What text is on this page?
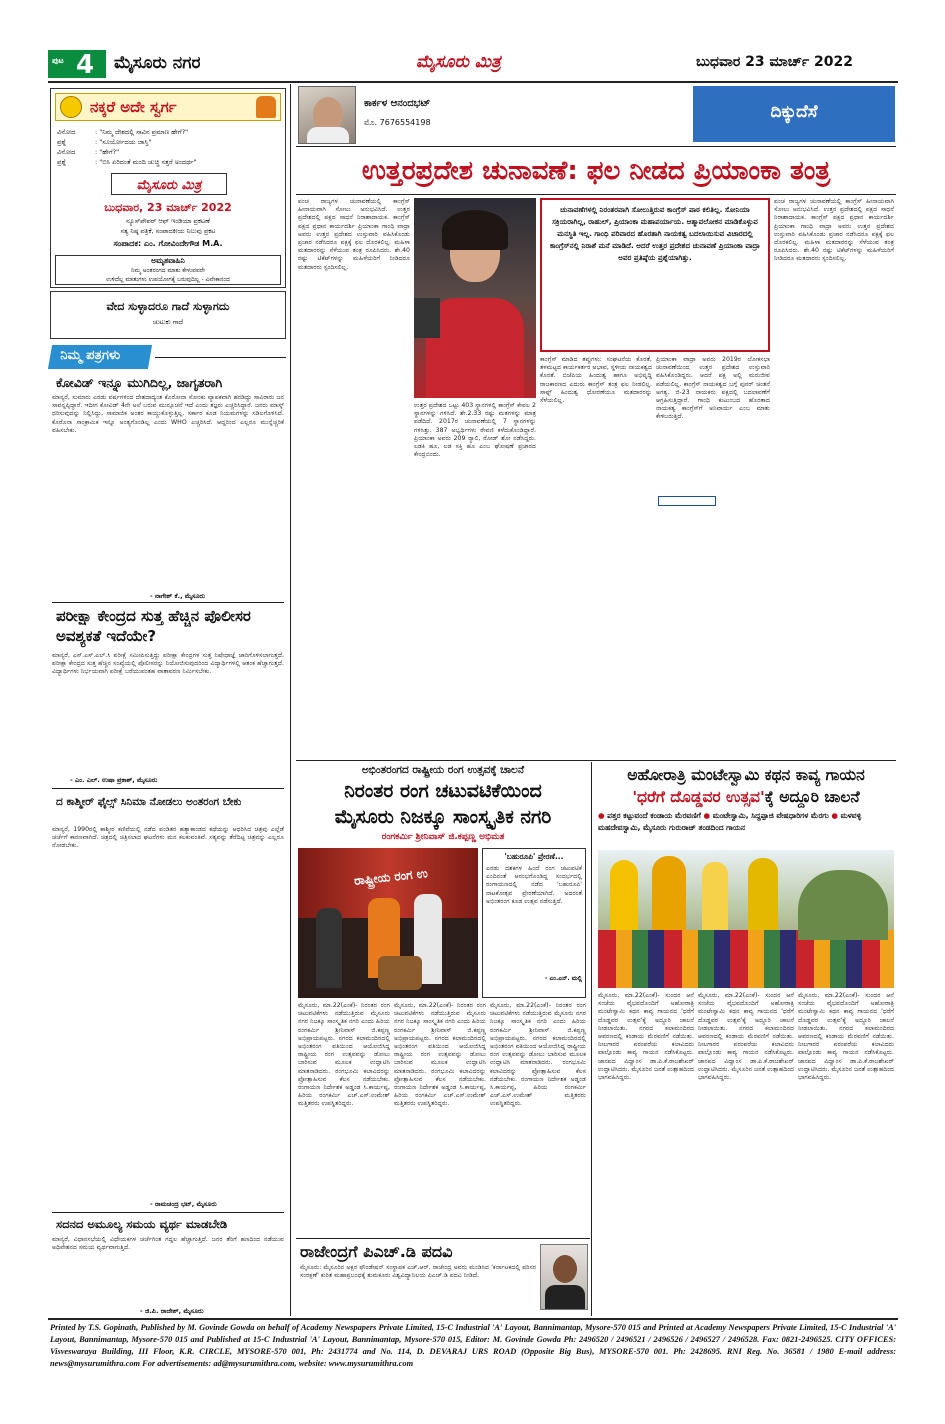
ಪುಟ 4 ಮೈಸೂರು ನಗರ	ಮೈಸೂರು ಮಿತ್ರ	ಬುಧವಾರ 23 ಮಾರ್ಚ್ 2022
ನಕ್ಕರೆ ಅದೇ ಸ್ವರ್ಗ
ವಿನೋದ	: "ನಿಮ್ಮ ದೇಶದಲ್ಲಿ ಸಾವಿನ ಪ್ರಮಾಣ ಹೇಗೆ?"
ಪ್ರಶ್ನೆ	: "ಸೂರ್ಯೋದಯ ಜಾಸ್ತಿ"
ವಿನೋದ	: "ಹೇಗೆ?"
ಪ್ರಶ್ನೆ	: "ಬಿಸಿ ಏರಿದಂತೆ ಮಂದಿ ಚುಚ್ಚಿ ಸತ್ತರೆ ಅಂದರ್ಥ"
ಮೈಸೂರು ಮಿತ್ರ
ಬುಧವಾರ, 23 ಮಾರ್ಚ್ 2022
ನ್ಯೂಸ್‌ಪೇಪರ್ ಆಫ್ ಇಂಡಿಯಾ ಪ್ರಕಟಣೆ
ಸತ್ಯ ನಿಷ್ಠ ಪತ್ರಿಕೆ, ಸಂಪಾದಕೀಯ ನಿಲುವು ಪ್ರಕಟ
ಸಂಪಾದಕ: ಎಂ. ಗೋವಿಂದೇಗೌಡ M.A.
ಅಮೃತವಾಹಿನಿ
ನಿಮ್ಮ ಅಂತರಂಗದ ಮಾತು ಕೇಳುವವರೇ
ಉಳಿದೆಲ್ಲ ಮಾತುಗಳು ಉಪಯೋಗಕ್ಕೆ ಬರುವುದಿಲ್ಲ - ವಿವೇಕಾನಂದ
ವೇದ ಸುಳ್ಳಾದರೂ ಗಾದೆ ಸುಳ್ಳಾಗದು
ಚುಟುಕು ಗಾದೆ
ನಿಮ್ಮ ಪತ್ರಗಳು
ಕೋವಿಡ್ ಇನ್ನೂ ಮುಗಿದಿಲ್ಲ, ಜಾಗೃತರಾಗಿ
ಮಾನ್ಯರೆ, ಸುಮಾರು ಎರಡು ವರ್ಷಗಳಿಂದ ದೇಶದಾದ್ಯಂತ ಕೊರೋನಾ ಸೋಂಕು ವ್ಯಾಪಕವಾಗಿ ಹರಡಿದ್ದು ಸಾವಿರಾರು ಜನ ಸಾವನ್ನಪ್ಪಿದ್ದಾರೆ. ಇದೀಗ ಕೋವಿಡ್ 4ನೇ ಅಲೆ ಬರುವ ಮುನ್ಸೂಚನೆ ಇದೆ ಎಂದು ತಜ್ಞರು ಎಚ್ಚರಿಸಿದ್ದಾರೆ. ಜನರು ಮಾಸ್ಕ್ ಧರಿಸುವುದನ್ನು ನಿಲ್ಲಿಸಿದ್ದು, ಸಾಮಾಜಿಕ ಅಂತರ ಕಾಯ್ದುಕೊಳ್ಳುತ್ತಿಲ್ಲ. ಸರ್ಕಾರ ಕೂಡ ನಿಯಮಗಳನ್ನು ಸಡಿಲಗೊಳಿಸಿದೆ. ಕೊರೊನಾ ಸಾಂಕ್ರಾಮಿಕ ಇನ್ನೂ ಅಂತ್ಯಗೊಂಡಿಲ್ಲ ಎಂದು WHO ಎಚ್ಚರಿಸಿದೆ. ಆದ್ದರಿಂದ ಎಲ್ಲರೂ ಮುನ್ನೆಚ್ಚರಿಕೆ ವಹಿಸಬೇಕು.
- ನಾಗೇಶ್ ಕೆ., ಮೈಸೂರು
ಪರೀಕ್ಷಾ ಕೇಂದ್ರದ ಸುತ್ತ ಹೆಚ್ಚಿನ ಪೊಲೀಸರ ಅವಶ್ಯಕತೆ ಇದೆಯೇ?
ಮಾನ್ಯರೆ, ಎಸ್.ಎಸ್.ಎಲ್.ಸಿ ಪರೀಕ್ಷೆ ಸಮೀಪಿಸುತ್ತಿದ್ದು ಪರೀಕ್ಷಾ ಕೇಂದ್ರಗಳ ಸುತ್ತ ನಿಷೇಧಾಜ್ಞೆ ಜಾರಿಗೊಳಿಸಲಾಗುತ್ತದೆ. ಪರೀಕ್ಷಾ ಕೇಂದ್ರದ ಸುತ್ತ ಹೆಚ್ಚಿನ ಸಂಖ್ಯೆಯಲ್ಲಿ ಪೊಲೀಸರನ್ನು ನಿಯೋಜಿಸುವುದರಿಂದ ವಿದ್ಯಾರ್ಥಿಗಳಲ್ಲಿ ಆತಂಕ ಹೆಚ್ಚಾಗುತ್ತದೆ. ವಿದ್ಯಾರ್ಥಿಗಳು ನಿರ್ಭಯವಾಗಿ ಪರೀಕ್ಷೆ ಬರೆಯುವಂತಹ ವಾತಾವರಣ ನಿರ್ಮಿಸಬೇಕು.
- ಎಂ. ಎಲ್. ಉಷಾ ಪ್ರಕಾಶ್, ಮೈಸೂರು
ದ ಕಾಶ್ಮೀರ್ ಫೈಲ್ಸ್ ಸಿನಿಮಾ ನೋಡಲು ಅಂತರಂಗ ಬೇಕು
ಮಾನ್ಯರೆ, 1990ರಲ್ಲಿ ಕಾಶ್ಮೀರ ಕಣಿವೆಯಲ್ಲಿ ನಡೆದ ಪಂಡಿತರ ಹತ್ಯಾಕಾಂಡದ ಕಥೆಯನ್ನು ಆಧರಿಸಿದ ಚಿತ್ರವು ಎಲ್ಲೆಡೆ ಚರ್ಚೆಗೆ ಕಾರಣವಾಗಿದೆ. ಚಿತ್ರದಲ್ಲಿ ಚಿತ್ರಿಸಲಾದ ಘಟನೆಗಳು ಮನ ಕಲಕುವಂತಿವೆ. ಸತ್ಯವನ್ನು ತೆರೆದಿಟ್ಟ ಚಿತ್ರವನ್ನು ಎಲ್ಲರೂ ನೋಡಬೇಕು.
- ರಾಮಚಂದ್ರ ಭಟ್, ಮೈಸೂರು
ಸದನದ ಅಮೂಲ್ಯ ಸಮಯ ವ್ಯರ್ಥ ಮಾಡಬೇಡಿ
ಮಾನ್ಯರೆ, ವಿಧಾನಸಭೆಯಲ್ಲಿ ವಿಧೇಯಕಗಳ ಚರ್ಚೆಗಿಂತ ಗದ್ದಲ ಹೆಚ್ಚಾಗುತ್ತಿದೆ. ಜನರ ತೆರಿಗೆ ಹಣದಿಂದ ನಡೆಯುವ ಅಧಿವೇಶನದ ಸಮಯ ವ್ಯರ್ಥವಾಗುತ್ತಿದೆ.
- ಜಿ.ಪಿ. ರಾಜೇಶ್, ಮೈಸೂರು
ಕಾರ್ಕಳ ಆನಂದಭಟ್
ಮೊ. 7676554198
ದಿಕ್ಕುದೆಸೆ
ಉತ್ತರಪ್ರದೇಶ ಚುನಾವಣೆ: ಫಲ ನೀಡದ ಪ್ರಿಯಾಂಕಾ ತಂತ್ರ
ಪಂಚ ರಾಜ್ಯಗಳ ಚುನಾವಣೆಯಲ್ಲಿ ಕಾಂಗ್ರೆಸ್ ಹೀನಾಯವಾಗಿ ಸೋಲು ಅನುಭವಿಸಿದೆ. ಉತ್ತರ ಪ್ರದೇಶದಲ್ಲಿ ಪಕ್ಷದ ಸಾಧನೆ ನಿರಾಶಾದಾಯಕ. ಕಾಂಗ್ರೆಸ್ ಪಕ್ಷದ ಪ್ರಧಾನ ಕಾರ್ಯದರ್ಶಿ ಪ್ರಿಯಾಂಕಾ ಗಾಂಧಿ ವಾದ್ರಾ ಅವರು ಉತ್ತರ ಪ್ರದೇಶದ ಉಸ್ತುವಾರಿ ವಹಿಸಿಕೊಂಡು ಪ್ರಚಾರ ನಡೆಸಿದರೂ ಪಕ್ಷಕ್ಕೆ ಫಲ ದೊರಕಲಿಲ್ಲ. ಮಹಿಳಾ ಮತದಾರರನ್ನು ಸೆಳೆಯುವ ತಂತ್ರ ರೂಪಿಸಿದರು. ಶೇ.40 ರಷ್ಟು ಟಿಕೆಟ್‌ಗಳನ್ನು ಮಹಿಳೆಯರಿಗೆ ನೀಡಿದರೂ ಮತದಾರರು ಸ್ಪಂದಿಸಲಿಲ್ಲ.
ಉತ್ತರ ಪ್ರದೇಶದ ಒಟ್ಟು 403 ಸ್ಥಾನಗಳಲ್ಲಿ ಕಾಂಗ್ರೆಸ್ ಕೇವಲ 2 ಸ್ಥಾನಗಳನ್ನು ಗಳಿಸಿದೆ. ಶೇ.2.33 ರಷ್ಟು ಮತಗಳನ್ನು ಮಾತ್ರ ಪಡೆದಿದೆ. 2017ರ ಚುನಾವಣೆಯಲ್ಲಿ 7 ಸ್ಥಾನಗಳನ್ನು ಗಳಿಸಿತ್ತು. 387 ಅಭ್ಯರ್ಥಿಗಳು ಠೇವಣಿ ಕಳೆದುಕೊಂಡಿದ್ದಾರೆ. ಪ್ರಿಯಾಂಕಾ ಅವರು 209 ರ್‍ಯಾಲಿ, ರೋಡ್ ಶೋ ನಡೆಸಿದ್ದರು. ಲಡಕಿ ಹೂ, ಲಡ ಸಕ್ತಿ ಹೂ ಎಂಬ ಘೋಷಣೆ ಪ್ರಚಾರದ ಕೇಂದ್ರಬಿಂದು.
ಚುನಾವಣೆಗಳಲ್ಲಿ ನಿರಂತರವಾಗಿ ಸೋಲುತ್ತಿರುವ ಕಾಂಗ್ರೆಸ್ ಪಾಠ ಕಲಿತಿಲ್ಲ. ಸೋನಿಯಾ ಸಕ್ರಿಯರಾಗಿಲ್ಲ, ರಾಹುಲ್, ಪ್ರಿಯಾಂಕಾ ಮಹಾಪರ್ಯಾಯ. ಆತ್ಮಾವಲೋಕನ ಮಾಡಿಕೊಳ್ಳುವ ಮನಸ್ಥಿತಿ ಇಲ್ಲ. ಗಾಂಧಿ ಪರಿವಾರದ ಹೊರತಾಗಿ ನಾಯಕತ್ವ ಬದಲಾಯಿಸುವ ವಿಚಾರದಲ್ಲಿ ಕಾಂಗ್ರೆಸ್‌ನಲ್ಲಿ ನಿರಾಶೆ ಮನೆ ಮಾಡಿದೆ. ಆದರೆ ಉತ್ತರ ಪ್ರದೇಶದ ಚುನಾವಣೆ ಪ್ರಿಯಾಂಕಾ ವಾದ್ರಾ ಅವರ ಪ್ರತಿಷ್ಠೆಯ ಪ್ರಶ್ನೆಯಾಗಿತ್ತು.
ಕಾಂಗ್ರೆಸ್ ಮಾಡಿದ ತಪ್ಪುಗಳು: ಸಂಘಟನೆಯ ಕೊರತೆ, ತಳಮಟ್ಟದ ಕಾರ್ಯಕರ್ತರ ಅಭಾವ, ಸ್ಥಳೀಯ ನಾಯಕತ್ವದ ಕೊರತೆ. ಬಿಜೆಪಿಯ ಹಿಂದುತ್ವ ಹಾಗೂ ಅಭಿವೃದ್ಧಿ ರಾಜಕಾರಣದ ಎದುರು ಕಾಂಗ್ರೆಸ್ ತಂತ್ರ ಫಲ ನೀಡಲಿಲ್ಲ. ಸಾಫ್ಟ್ ಹಿಂದುತ್ವ ಧೋರಣೆಯೂ ಮತದಾರರನ್ನು ಸೆಳೆಯಲಿಲ್ಲ.
ಪ್ರಿಯಾಂಕಾ ವಾದ್ರಾ ಅವರು 2019ರ ಲೋಕಸಭಾ ಚುನಾವಣೆಯಿಂದ ಉತ್ತರ ಪ್ರದೇಶದ ಉಸ್ತುವಾರಿ ವಹಿಸಿಕೊಂಡಿದ್ದರು. ಆದರೆ ಪಕ್ಷ ಅಲ್ಲಿ ಮರುಜೀವ ಪಡೆಯಲಿಲ್ಲ. ಕಾಂಗ್ರೆಸ್ ನಾಯಕತ್ವದ ಬಗ್ಗೆ ಪುನರ್ ಚಿಂತನೆ ಅಗತ್ಯ. ಜಿ-23 ನಾಯಕರು ಪಕ್ಷದಲ್ಲಿ ಬದಲಾವಣೆಗೆ ಆಗ್ರಹಿಸುತ್ತಿದ್ದಾರೆ. ಗಾಂಧಿ ಕುಟುಂಬದ ಹೊರತಾದ ನಾಯಕತ್ವ ಕಾಂಗ್ರೆಸ್‌ಗೆ ಅನಿವಾರ್ಯ ಎಂಬ ಮಾತು ಕೇಳಿಬರುತ್ತಿದೆ.
ಪಂಚ ರಾಜ್ಯಗಳ ಚುನಾವಣೆಯಲ್ಲಿ ಕಾಂಗ್ರೆಸ್ ಹೀನಾಯವಾಗಿ ಸೋಲು ಅನುಭವಿಸಿದೆ. ಉತ್ತರ ಪ್ರದೇಶದಲ್ಲಿ ಪಕ್ಷದ ಸಾಧನೆ ನಿರಾಶಾದಾಯಕ. ಕಾಂಗ್ರೆಸ್ ಪಕ್ಷದ ಪ್ರಧಾನ ಕಾರ್ಯದರ್ಶಿ ಪ್ರಿಯಾಂಕಾ ಗಾಂಧಿ ವಾದ್ರಾ ಅವರು ಉತ್ತರ ಪ್ರದೇಶದ ಉಸ್ತುವಾರಿ ವಹಿಸಿಕೊಂಡು ಪ್ರಚಾರ ನಡೆಸಿದರೂ ಪಕ್ಷಕ್ಕೆ ಫಲ ದೊರಕಲಿಲ್ಲ. ಮಹಿಳಾ ಮತದಾರರನ್ನು ಸೆಳೆಯುವ ತಂತ್ರ ರೂಪಿಸಿದರು. ಶೇ.40 ರಷ್ಟು ಟಿಕೆಟ್‌ಗಳನ್ನು ಮಹಿಳೆಯರಿಗೆ ನೀಡಿದರೂ ಮತದಾರರು ಸ್ಪಂದಿಸಲಿಲ್ಲ.
ಅಭಿಂತರಂಗದ ರಾಷ್ಟ್ರೀಯ ರಂಗ ಉತ್ಸವಕ್ಕೆ ಚಾಲನೆ
ನಿರಂತರ ರಂಗ ಚಟುವಟಿಕೆಯಿಂದ
ಮೈಸೂರು ನಿಜಕ್ಕೂ ಸಾಂಸ್ಕೃತಿಕ ನಗರಿ
ರಂಗಕರ್ಮಿ ಶ್ರೀನಿವಾಸ್ ಜಿ.ಕಪ್ಪಣ್ಣ ಅಭಿಮತ
ರಾಷ್ಟ್ರೀಯ ರಂಗ ಉ
'ಬಹುರೂಪಿ' ಪ್ರೇರಣೆ...
ಎರಡು ದಶಕಗಳ ಹಿಂದೆ ರಂಗ ಚಟುವಟಿಕೆ ಎಂದಿನಂತೆ ಆರಂಭಗೊಂಡಿದ್ದ ಸಂದರ್ಭದಲ್ಲಿ ರಂಗಾಯಣದಲ್ಲಿ ನಡೆದ 'ಬಹುರೂಪಿ' ನಾಟಕೋತ್ಸವ ಪ್ರೇರಣೆಯಾಗಿದೆ. ಅದರಂತೆ ಅಭಿಂತರಂಗ ಕೂಡ ಉತ್ಸವ ನಡೆಸುತ್ತಿದೆ.
- ಎಂ.ಎನ್. ಮಲ್ಲಿ
ಮೈಸೂರು, ಮಾ.22(ಎಂಕೆ)- ನಿರಂತರ ರಂಗ ಚಟುವಟಿಕೆಗಳು ನಡೆಯುತ್ತಿರುವ ಮೈಸೂರು ನಗರ ನಿಜಕ್ಕೂ ಸಾಂಸ್ಕೃತಿಕ ನಗರಿ ಎಂದು ಹಿರಿಯ ರಂಗಕರ್ಮಿ ಶ್ರೀನಿವಾಸ್ ಜಿ.ಕಪ್ಪಣ್ಣ ಅಭಿಪ್ರಾಯಪಟ್ಟರು. ನಗರದ ಕಲಾಮಂದಿರದಲ್ಲಿ ಅಭಿಂತರಂಗ ವತಿಯಿಂದ ಆಯೋಜಿಸಿದ್ದ ರಾಷ್ಟ್ರೀಯ ರಂಗ ಉತ್ಸವವನ್ನು ಡೋಲು ಬಾರಿಸುವ ಮೂಲಕ ಉದ್ಘಾಟಿಸಿ ಮಾತನಾಡಿದರು. ರಂಗಭೂಮಿ ಕಲಾವಿದರನ್ನು ಪ್ರೋತ್ಸಾಹಿಸುವ ಕೆಲಸ ನಡೆಯಬೇಕು. ರಂಗಾಯಣ ನಿರ್ದೇಶಕ ಅಡ್ಡಂಡ ಸಿ.ಕಾರ್ಯಪ್ಪ, ಹಿರಿಯ ರಂಗಕರ್ಮಿ ಎಚ್.ಎಸ್.ಉಮೇಶ್ ಮತ್ತಿತರರು ಉಪಸ್ಥಿತರಿದ್ದರು.
ಮೈಸೂರು, ಮಾ.22(ಎಂಕೆ)- ನಿರಂತರ ರಂಗ ಚಟುವಟಿಕೆಗಳು ನಡೆಯುತ್ತಿರುವ ಮೈಸೂರು ನಗರ ನಿಜಕ್ಕೂ ಸಾಂಸ್ಕೃತಿಕ ನಗರಿ ಎಂದು ಹಿರಿಯ ರಂಗಕರ್ಮಿ ಶ್ರೀನಿವಾಸ್ ಜಿ.ಕಪ್ಪಣ್ಣ ಅಭಿಪ್ರಾಯಪಟ್ಟರು. ನಗರದ ಕಲಾಮಂದಿರದಲ್ಲಿ ಅಭಿಂತರಂಗ ವತಿಯಿಂದ ಆಯೋಜಿಸಿದ್ದ ರಾಷ್ಟ್ರೀಯ ರಂಗ ಉತ್ಸವವನ್ನು ಡೋಲು ಬಾರಿಸುವ ಮೂಲಕ ಉದ್ಘಾಟಿಸಿ ಮಾತನಾಡಿದರು. ರಂಗಭೂಮಿ ಕಲಾವಿದರನ್ನು ಪ್ರೋತ್ಸಾಹಿಸುವ ಕೆಲಸ ನಡೆಯಬೇಕು. ರಂಗಾಯಣ ನಿರ್ದೇಶಕ ಅಡ್ಡಂಡ ಸಿ.ಕಾರ್ಯಪ್ಪ, ಹಿರಿಯ ರಂಗಕರ್ಮಿ ಎಚ್.ಎಸ್.ಉಮೇಶ್ ಮತ್ತಿತರರು ಉಪಸ್ಥಿತರಿದ್ದರು.
ಮೈಸೂರು, ಮಾ.22(ಎಂಕೆ)- ನಿರಂತರ ರಂಗ ಚಟುವಟಿಕೆಗಳು ನಡೆಯುತ್ತಿರುವ ಮೈಸೂರು ನಗರ ನಿಜಕ್ಕೂ ಸಾಂಸ್ಕೃತಿಕ ನಗರಿ ಎಂದು ಹಿರಿಯ ರಂಗಕರ್ಮಿ ಶ್ರೀನಿವಾಸ್ ಜಿ.ಕಪ್ಪಣ್ಣ ಅಭಿಪ್ರಾಯಪಟ್ಟರು. ನಗರದ ಕಲಾಮಂದಿರದಲ್ಲಿ ಅಭಿಂತರಂಗ ವತಿಯಿಂದ ಆಯೋಜಿಸಿದ್ದ ರಾಷ್ಟ್ರೀಯ ರಂಗ ಉತ್ಸವವನ್ನು ಡೋಲು ಬಾರಿಸುವ ಮೂಲಕ ಉದ್ಘಾಟಿಸಿ ಮಾತನಾಡಿದರು. ರಂಗಭೂಮಿ ಕಲಾವಿದರನ್ನು ಪ್ರೋತ್ಸಾಹಿಸುವ ಕೆಲಸ ನಡೆಯಬೇಕು. ರಂಗಾಯಣ ನಿರ್ದೇಶಕ ಅಡ್ಡಂಡ ಸಿ.ಕಾರ್ಯಪ್ಪ, ಹಿರಿಯ ರಂಗಕರ್ಮಿ ಎಚ್.ಎಸ್.ಉಮೇಶ್ ಮತ್ತಿತರರು ಉಪಸ್ಥಿತರಿದ್ದರು.
ರಾಜೇಂದ್ರಗೆ ಪಿಎಚ್.ಡಿ ಪದವಿ
ಮೈಸೂರು: ಮೈಸೂರಿನ ಅಕ್ಷರ ಫೌಂಡೇಷನ್ ಸಂಸ್ಥಾಪಕ ಎಚ್.ಆರ್. ರಾಜೇಂದ್ರ ಅವರು ಮಂಡಿಸಿದ 'ಕರ್ನಾಟಕದಲ್ಲಿ ಪರಿಸರ ಸಂರಕ್ಷಣೆ' ಕುರಿತ ಮಹಾಪ್ರಬಂಧಕ್ಕೆ ತುಮಕೂರು ವಿಶ್ವವಿದ್ಯಾನಿಲಯ ಪಿಎಚ್.ಡಿ ಪದವಿ ನೀಡಿದೆ.
ಅಹೋರಾತ್ರಿ ಮಂಟೇಸ್ವಾಮಿ ಕಥನ ಕಾವ್ಯ ಗಾಯನ
'ಧರೆಗೆ ದೊಡ್ಡವರ ಉತ್ಸವ'ಕ್ಕೆ ಅದ್ದೂರಿ ಚಾಲನೆ
● ಪತ್ತರ ಕಟ್ಟುವಂದೆ ಕಂಡಾಯ ಮೆರವಣಿಗೆ ● ಮಂಟೇಸ್ವಾಮಿ, ಸಿದ್ದಪ್ಪಾಜಿ ವೇಷಧಾರಿಗಳ ಮೆರಗು ● ಮಳವಳ್ಳಿ ಮಹದೇವಸ್ವಾಮಿ, ಮೈಸೂರು ಗುರುರಾಜ್ ತಂಡದಿಂದ ಗಾಯನ
ಮೈಸೂರು, ಮಾ.22(ಎಂಕೆ)- ಸುಂದರ ಆನೆ ಸಂಜೆಯ ವೈಭವದೊಂದಿಗೆ ಅಹೋರಾತ್ರಿ ಮಂಟೇಸ್ವಾಮಿ ಕಥನ ಕಾವ್ಯ ಗಾಯನದ 'ಧರೆಗೆ ದೊಡ್ಡವರ ಉತ್ಸವ'ಕ್ಕೆ ಅದ್ದೂರಿ ಚಾಲನೆ ನೀಡಲಾಯಿತು. ನಗರದ ಕಲಾಮಂದಿರದ ಆವರಣದಲ್ಲಿ ಕಂಡಾಯ ಮೆರವಣಿಗೆ ನಡೆಯಿತು. ನೀಲಗಾರರ ಪರಂಪರೆಯ ಕಲಾವಿದರು ಪಾಲ್ಗೊಂಡು ಕಾವ್ಯ ಗಾಯನ ನಡೆಸಿಕೊಟ್ಟರು. ಜಾನಪದ ವಿದ್ವಾಂಸ ಡಾ.ಪಿ.ಕೆ.ರಾಜಶೇಖರ್ ಉದ್ಘಾಟಿಸಿದರು. ಮೈಸೂರಿನ ಜನತೆ ಉತ್ಸಾಹದಿಂದ ಭಾಗವಹಿಸಿದ್ದರು.
ಮೈಸೂರು, ಮಾ.22(ಎಂಕೆ)- ಸುಂದರ ಆನೆ ಸಂಜೆಯ ವೈಭವದೊಂದಿಗೆ ಅಹೋರಾತ್ರಿ ಮಂಟೇಸ್ವಾಮಿ ಕಥನ ಕಾವ್ಯ ಗಾಯನದ 'ಧರೆಗೆ ದೊಡ್ಡವರ ಉತ್ಸವ'ಕ್ಕೆ ಅದ್ದೂರಿ ಚಾಲನೆ ನೀಡಲಾಯಿತು. ನಗರದ ಕಲಾಮಂದಿರದ ಆವರಣದಲ್ಲಿ ಕಂಡಾಯ ಮೆರವಣಿಗೆ ನಡೆಯಿತು. ನೀಲಗಾರರ ಪರಂಪರೆಯ ಕಲಾವಿದರು ಪಾಲ್ಗೊಂಡು ಕಾವ್ಯ ಗಾಯನ ನಡೆಸಿಕೊಟ್ಟರು. ಜಾನಪದ ವಿದ್ವಾಂಸ ಡಾ.ಪಿ.ಕೆ.ರಾಜಶೇಖರ್ ಉದ್ಘಾಟಿಸಿದರು. ಮೈಸೂರಿನ ಜನತೆ ಉತ್ಸಾಹದಿಂದ ಭಾಗವಹಿಸಿದ್ದರು.
ಮೈಸೂರು, ಮಾ.22(ಎಂಕೆ)- ಸುಂದರ ಆನೆ ಸಂಜೆಯ ವೈಭವದೊಂದಿಗೆ ಅಹೋರಾತ್ರಿ ಮಂಟೇಸ್ವಾಮಿ ಕಥನ ಕಾವ್ಯ ಗಾಯನದ 'ಧರೆಗೆ ದೊಡ್ಡವರ ಉತ್ಸವ'ಕ್ಕೆ ಅದ್ದೂರಿ ಚಾಲನೆ ನೀಡಲಾಯಿತು. ನಗರದ ಕಲಾಮಂದಿರದ ಆವರಣದಲ್ಲಿ ಕಂಡಾಯ ಮೆರವಣಿಗೆ ನಡೆಯಿತು. ನೀಲಗಾರರ ಪರಂಪರೆಯ ಕಲಾವಿದರು ಪಾಲ್ಗೊಂಡು ಕಾವ್ಯ ಗಾಯನ ನಡೆಸಿಕೊಟ್ಟರು. ಜಾನಪದ ವಿದ್ವಾಂಸ ಡಾ.ಪಿ.ಕೆ.ರಾಜಶೇಖರ್ ಉದ್ಘಾಟಿಸಿದರು. ಮೈಸೂರಿನ ಜನತೆ ಉತ್ಸಾಹದಿಂದ ಭಾಗವಹಿಸಿದ್ದರು.
Printed by T.S. Gopinath, Published by M. Govinde Gowda on behalf of Academy Newspapers Private Limited, 15-C Industrial 'A' Layout, Bannimantap, Mysore-570 015 and Printed at Academy Newspapers Private Limited, 15-C Industrial 'A' Layout, Bannimantap, Mysore-570 015 and Published at 15-C Industrial 'A' Layout, Bannimantap, Mysore-570 015, Editor: M. Govinde Gowda Ph: 2496520 / 2496521 / 2496526 / 2496527 / 2496528. Fax: 0821-2496525. CITY OFFICES: Visveswaraya Building, III Floor, K.R. CIRCLE, MYSORE-570 001, Ph: 2431774 and No. 114, D. DEVARAJ URS ROAD (Opposite Big Bus), MYSORE-570 001. Ph: 2428695. RNI Reg. No. 36581 / 1980 E-mail address: news@mysurumithra.com For advertisements: ad@mysurumithra.com, website: www.mysurumithra.com
